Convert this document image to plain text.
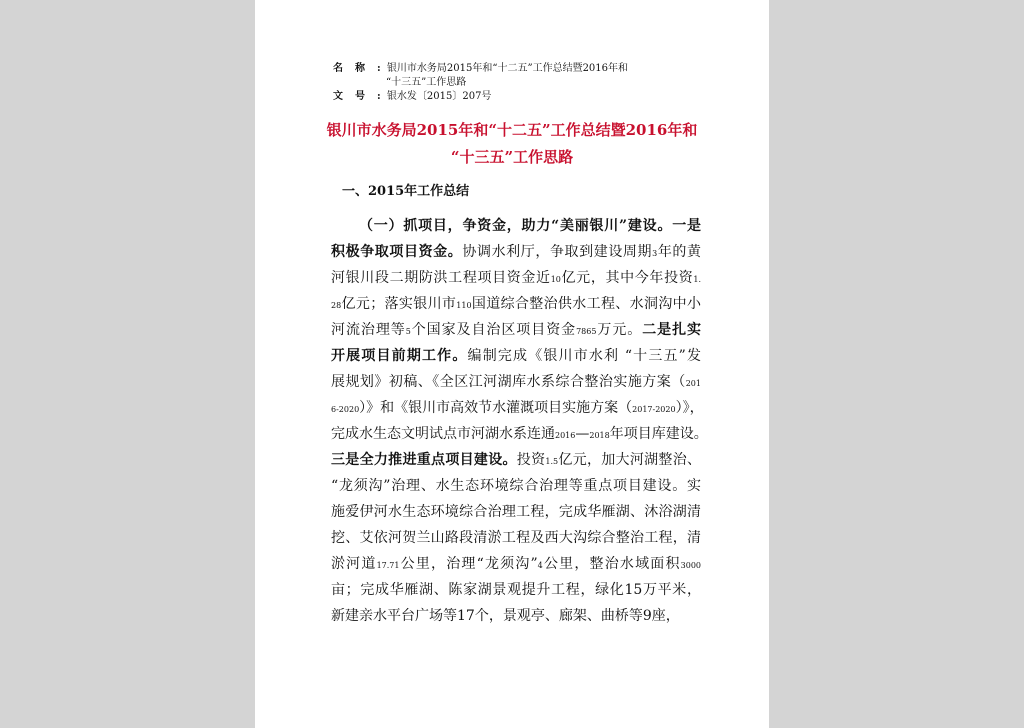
名 称 : 银川市水务局2015年和“十二五”工作总结暨2016年和
“十三五”工作思路
文 号 : 银水发〔2015〕207号
银川市水务局2015年和“十二五”工作总结暨2016年和
“十三五”工作思路
一、2015年工作总结
（一）抓项目，争资金，助力“美丽银川”建设。一是
积极争取项目资金。协调水利厅，争取到建设周期3年的黄
河银川段二期防洪工程项目资金近10亿元，其中今年投资1.
28亿元；落实银川市110国道综合整治供水工程、水洞沟中小
河流治理等5个国家及自治区项目资金7865万元。二是扎实
开展项目前期工作。编制完成《银川市水利 “十三五”发
展规划》初稿、《全区江河湖库水系综合整治实施方案（201
6-2020）》和《银川市高效节水灌溉项目实施方案（2017-2020）》，
完成水生态文明试点市河湖水系连通2016—2018年项目库建设。
三是全力推进重点项目建设。投资1.5亿元，加大河湖整治、
“龙须沟”治理、水生态环境综合治理等重点项目建设。实
施爱伊河水生态环境综合治理工程，完成华雁湖、沐浴湖清
挖、艾依河贺兰山路段清淤工程及西大沟综合整治工程，清
淤河道17.71公里，治理“龙须沟”4公里，整治水域面积3000
亩；完成华雁湖、陈家湖景观提升工程，绿化15万平米，
新建亲水平台广场等17个，景观亭、廊架、曲桥等9座，
